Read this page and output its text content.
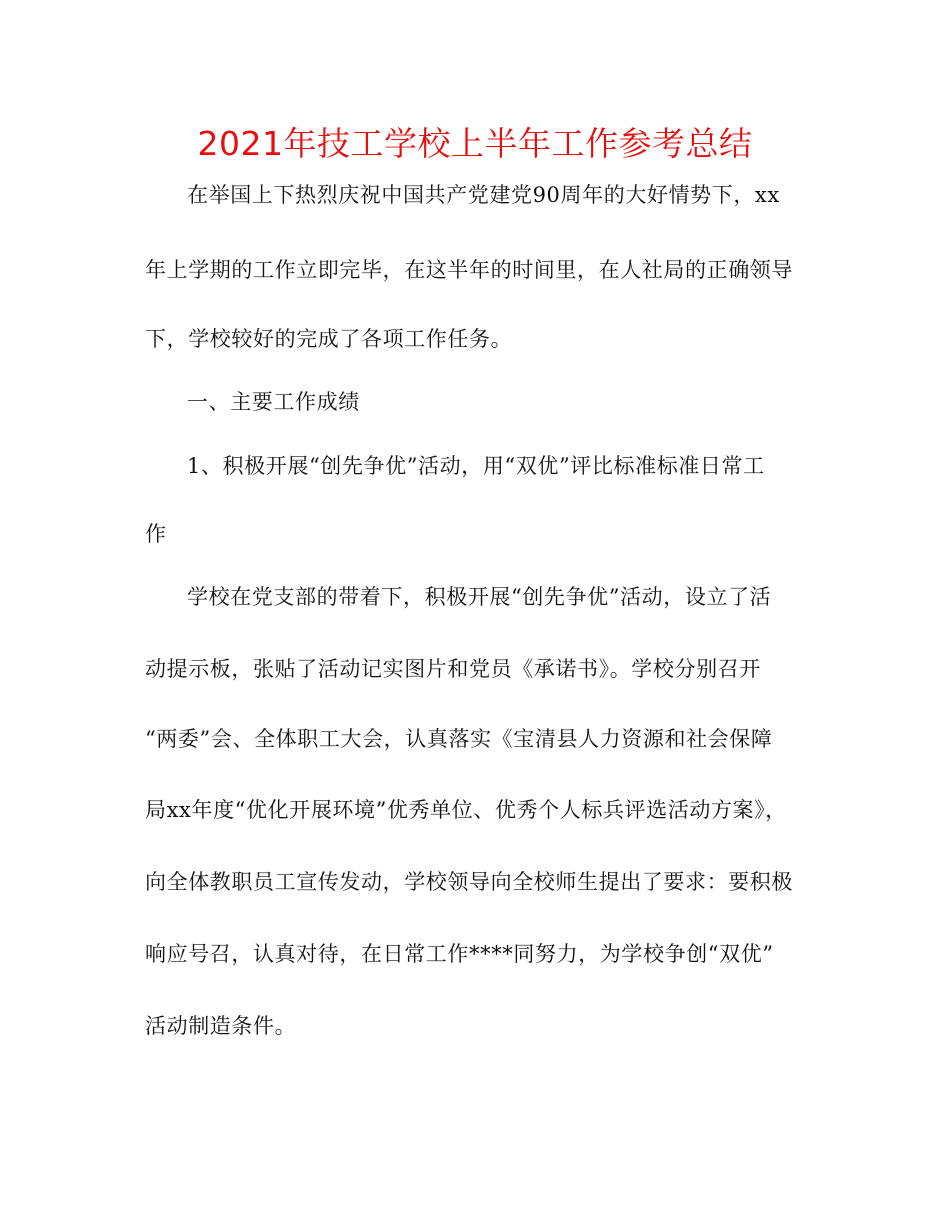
2021年技工学校上半年工作参考总结
在举国上下热烈庆祝中国共产党建党90周年的大好情势下，xx
年上学期的工作立即完毕，在这半年的时间里，在人社局的正确领导
下，学校较好的完成了各项工作任务。
一、主要工作成绩
1、积极开展“创先争优”活动，用“双优”评比标准标准日常工
作
学校在党支部的带着下，积极开展“创先争优”活动，设立了活
动提示板，张贴了活动记实图片和党员《承诺书》。学校分别召开
“两委”会、全体职工大会，认真落实《宝清县人力资源和社会保障
局xx年度“优化开展环境”优秀单位、优秀个人标兵评选活动方案》，
向全体教职员工宣传发动，学校领导向全校师生提出了要求：要积极
响应号召，认真对待，在日常工作****同努力，为学校争创“双优”
活动制造条件。
